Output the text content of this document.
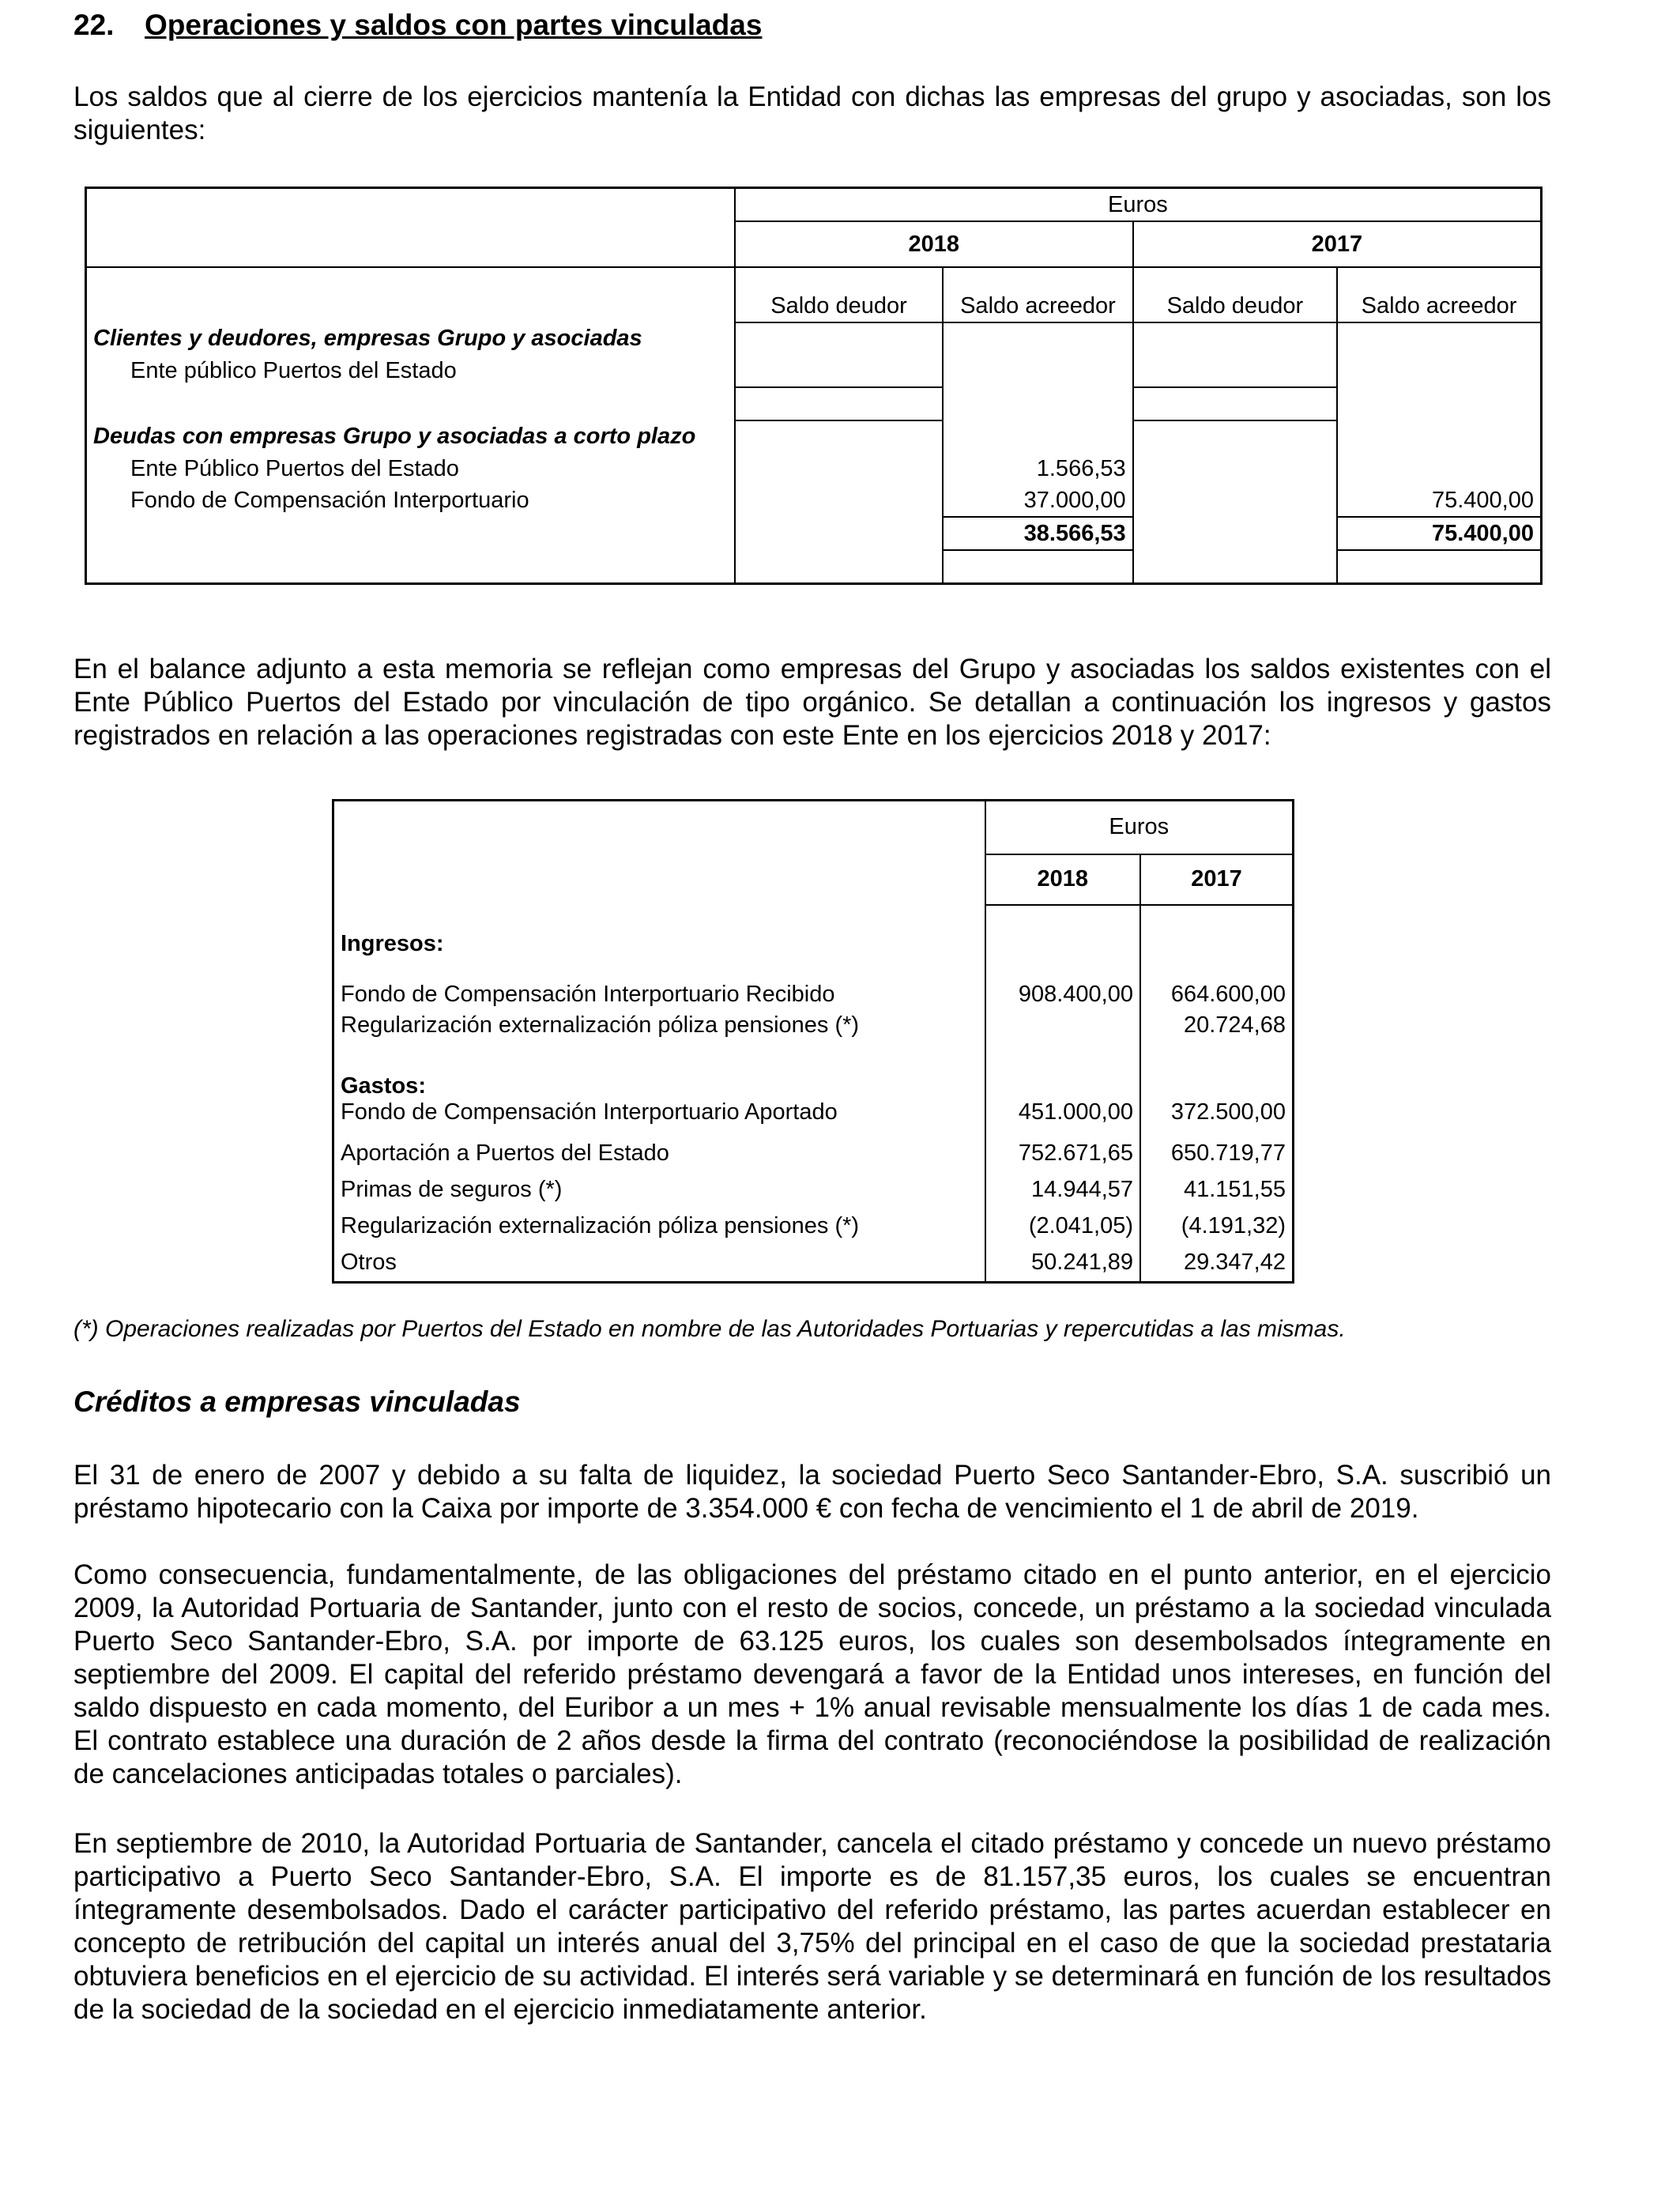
22. Operaciones y saldos con partes vinculadas

Los saldos que al cierre de los ejercicios mantenía la Entidad con dichas las empresas del grupo y asociadas, son los siguientes:

	Euros			
	2018		2017	
	Saldo deudor	Saldo acreedor	Saldo deudor	Saldo acreedor
Clientes y deudores, empresas Grupo y asociadas				
Ente público Puertos del Estado				

Deudas con empresas Grupo y asociadas a corto plazo				
Ente Público Puertos del Estado		1.566,53		
Fondo de Compensación Interportuario		37.000,00		75.400,00
		38.566,53		75.400,00

En el balance adjunto a esta memoria se reflejan como empresas del Grupo y asociadas los saldos existentes con el Ente Público Puertos del Estado por vinculación de tipo orgánico. Se detallan a continuación los ingresos y gastos registrados en relación a las operaciones registradas con este Ente en los ejercicios 2018 y 2017:

	Euros	
	2018	2017
Ingresos:		
Fondo de Compensación Interportuario Recibido	908.400,00	664.600,00
Regularización externalización póliza pensiones (*)		20.724,68
Gastos:		
Fondo de Compensación Interportuario Aportado	451.000,00	372.500,00
Aportación a Puertos del Estado	752.671,65	650.719,77
Primas de seguros (*)	14.944,57	41.151,55
Regularización externalización póliza pensiones (*)	(2.041,05)	(4.191,32)
Otros	50.241,89	29.347,42

(*) Operaciones realizadas por Puertos del Estado en nombre de las Autoridades Portuarias y repercutidas a las mismas.

Créditos a empresas vinculadas

El 31 de enero de 2007 y debido a su falta de liquidez, la sociedad Puerto Seco Santander-Ebro, S.A. suscribió un préstamo hipotecario con la Caixa por importe de 3.354.000 € con fecha de vencimiento el 1 de abril de 2019.

Como consecuencia, fundamentalmente, de las obligaciones del préstamo citado en el punto anterior, en el ejercicio 2009, la Autoridad Portuaria de Santander, junto con el resto de socios, concede, un préstamo a la sociedad vinculada Puerto Seco Santander-Ebro, S.A. por importe de 63.125 euros, los cuales son desembolsados íntegramente en septiembre del 2009. El capital del referido préstamo devengará a favor de la Entidad unos intereses, en función del saldo dispuesto en cada momento, del Euribor a un mes + 1% anual revisable mensualmente los días 1 de cada mes. El contrato establece una duración de 2 años desde la firma del contrato (reconociéndose la posibilidad de realización de cancelaciones anticipadas totales o parciales).

En septiembre de 2010, la Autoridad Portuaria de Santander, cancela el citado préstamo y concede un nuevo préstamo participativo a Puerto Seco Santander-Ebro, S.A. El importe es de 81.157,35 euros, los cuales se encuentran íntegramente desembolsados. Dado el carácter participativo del referido préstamo, las partes acuerdan establecer en concepto de retribución del capital un interés anual del 3,75% del principal en el caso de que la sociedad prestataria obtuviera beneficios en el ejercicio de su actividad. El interés será variable y se determinará en función de los resultados de la sociedad de la sociedad en el ejercicio inmediatamente anterior.
